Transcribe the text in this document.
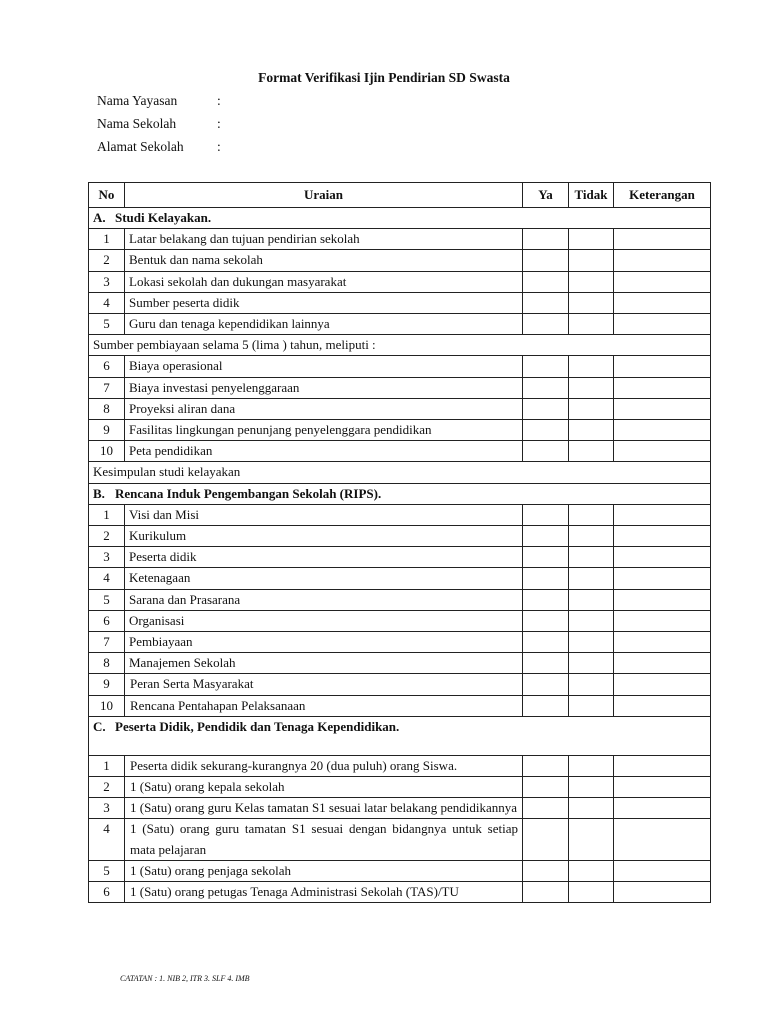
Format Verifikasi Ijin Pendirian SD Swasta
Nama Yayasan	:
Nama Sekolah	:
Alamat Sekolah :
No	Uraian	Ya	Tidak	Keterangan
A. Studi Kelayakan.				
1	Latar belakang dan tujuan pendirian sekolah			
2	Bentuk dan nama sekolah			
3	Lokasi sekolah dan dukungan masyarakat			
4	Sumber peserta didik			
5	Guru dan tenaga kependidikan lainnya			
Sumber pembiayaan selama 5 (lima ) tahun, meliputi :				
6	Biaya operasional			
7	Biaya investasi penyelenggaraan			
8	Proyeksi aliran dana			
9	Fasilitas lingkungan penunjang penyelenggara pendidikan			
10	Peta pendidikan			
Kesimpulan studi kelayakan				
B. Rencana Induk Pengembangan Sekolah (RIPS).				
1	Visi dan Misi			
2	Kurikulum			
3	Peserta didik			
4	Ketenagaan			
5	Sarana dan Prasarana			
6	Organisasi			
7	Pembiayaan			
8	Manajemen Sekolah			
9	Peran Serta Masyarakat			
10	Rencana Pentahapan Pelaksanaan			
C. Peserta Didik, Pendidik dan Tenaga Kependidikan.				
1	Peserta didik sekurang-kurangnya 20 (dua puluh) orang Siswa.			
2	1 (Satu) orang kepala sekolah			
3	1 (Satu) orang guru Kelas tamatan S1 sesuai latar belakang pendidikannya			
4	1 (Satu) orang guru tamatan S1 sesuai dengan bidangnya untuk setiap mata pelajaran			
5	1 (Satu) orang penjaga sekolah			
6	1 (Satu) orang petugas Tenaga Administrasi Sekolah (TAS)/TU			
CATATAN : 1. NIB 2, ITR 3. SLF 4. IMB
